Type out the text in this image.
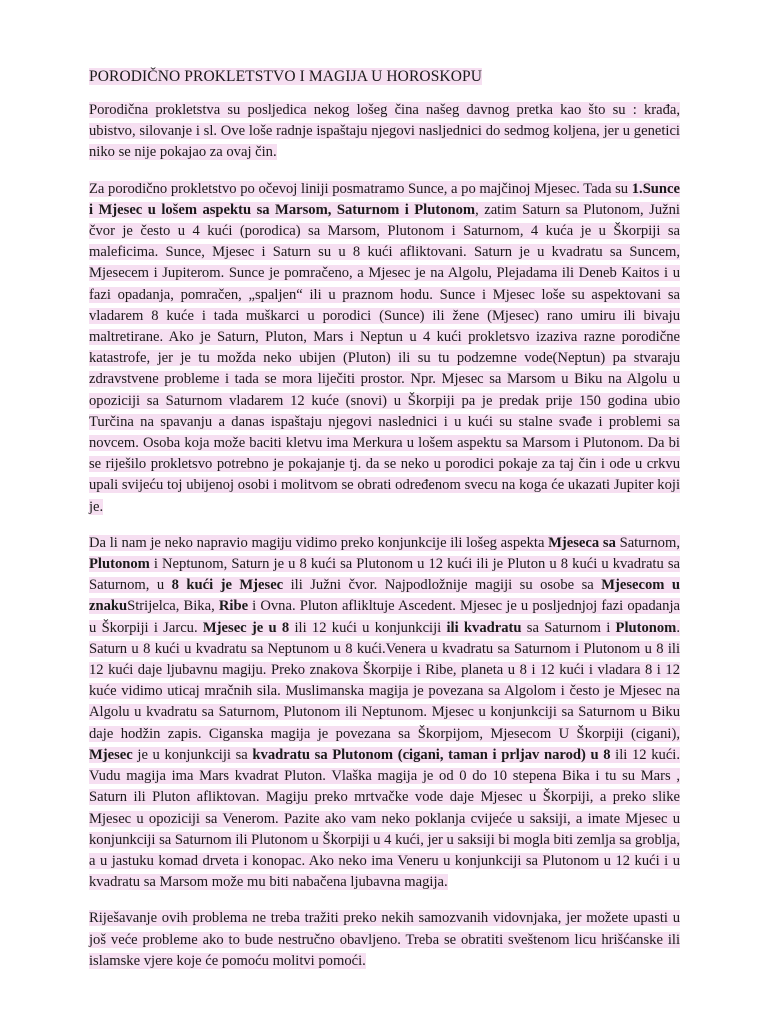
PORODIČNO PROKLETSTVO I MAGIJA U HOROSKOPU

Porodična prokletstva su posljedica nekog lošeg čina našeg davnog pretka kao što su : krađa, ubistvo, silovanje i sl. Ove loše radnje ispaštaju njegovi nasljednici do sedmog koljena, jer u genetici niko se nije pokajao za ovaj čin.

Za porodično prokletstvo po očevoj liniji posmatramo Sunce, a po majčinoj Mjesec. Tada su 1.Sunce i Mjesec u lošem aspektu sa Marsom, Saturnom i Plutonom, zatim Saturn sa Plutonom, Južni čvor je često u 4 kući (porodica) sa Marsom, Plutonom i Saturnom, 4 kuća je u Škorpiji sa maleficima. Sunce, Mjesec i Saturn su u 8 kući afliktovani. Saturn je u kvadratu sa Suncem, Mjesecem i Jupiterom. Sunce je pomračeno, a Mjesec je na Algolu, Plejadama ili Deneb Kaitos i u fazi opadanja, pomračen, „spaljen“ ili u praznom hodu. Sunce i Mjesec loše su aspektovani sa vladarem 8 kuće i tada muškarci u porodici (Sunce) ili žene (Mjesec) rano umiru ili bivaju maltretirane. Ako je Saturn, Pluton, Mars i Neptun u 4 kući prokletsvo izaziva razne porodične katastrofe, jer je tu možda neko ubijen (Pluton) ili su tu podzemne vode(Neptun) pa stvaraju zdravstvene probleme i tada se mora liječiti prostor. Npr. Mjesec sa Marsom u Biku na Algolu u opoziciji sa Saturnom vladarem 12 kuće (snovi) u Škorpiji pa je predak prije 150 godina ubio Turčina na spavanju a danas ispaštaju njegovi naslednici i u kući su stalne svađe i problemi sa novcem. Osoba koja može baciti kletvu ima Merkura u lošem aspektu sa Marsom i Plutonom. Da bi se riješilo prokletsvo potrebno je pokajanje tj. da se neko u porodici pokaje za taj čin i ode u crkvu upali svijeću toj ubijenoj osobi i molitvom se obrati određenom svecu na koga će ukazati Jupiter koji je.

Da li nam je neko napravio magiju vidimo preko konjunkcije ili lošeg aspekta Mjeseca sa Saturnom, Plutonom i Neptunom, Saturn je u 8 kući sa Plutonom u 12 kući ili je Pluton u 8 kući u kvadratu sa Saturnom, u 8 kući je Mjesec ili Južni čvor. Najpodložnije magiji su osobe sa Mjesecom u znakuStrijelca, Bika, Ribe i Ovna. Pluton aflikltuje Ascedent. Mjesec je u posljednjoj fazi opadanja u Škorpiji i Jarcu. Mjesec je u 8 ili 12 kući u konjunkciji ili kvadratu sa Saturnom i Plutonom. Saturn u 8 kući u kvadratu sa Neptunom u 8 kući.Venera u kvadratu sa Saturnom i Plutonom u 8 ili 12 kući daje ljubavnu magiju. Preko znakova Škorpije i Ribe, planeta u 8 i 12 kući i vladara 8 i 12 kuće vidimo uticaj mračnih sila. Muslimanska magija je povezana sa Algolom i često je Mjesec na Algolu u kvadratu sa Saturnom, Plutonom ili Neptunom. Mjesec u konjunkciji sa Saturnom u Biku daje hodžin zapis. Ciganska magija je povezana sa Škorpijom, Mjesecom U Škorpiji (cigani), Mjesec je u konjunkciji sa kvadratu sa Plutonom (cigani, taman i prljav narod) u 8 ili 12 kući. Vudu magija ima Mars kvadrat Pluton. Vlaška magija je od 0 do 10 stepena Bika i tu su Mars , Saturn ili Pluton afliktovan. Magiju preko mrtvačke vode daje Mjesec u Škorpiji, a preko slike Mjesec u opoziciji sa Venerom. Pazite ako vam neko poklanja cvijeće u saksiji, a imate Mjesec u konjunkciji sa Saturnom ili Plutonom u Škorpiji u 4 kući, jer u saksiji bi mogla biti zemlja sa groblja, a u jastuku komad drveta i konopac. Ako neko ima Veneru u konjunkciji sa Plutonom u 12 kući i u kvadratu sa Marsom može mu biti nabačena ljubavna magija.

Riješavanje ovih problema ne treba tražiti preko nekih samozvanih vidovnjaka, jer možete upasti u još veće probleme ako to bude nestručno obavljeno. Treba se obratiti sveštenom licu hrišćanske ili islamske vjere koje će pomoću molitvi pomoći.
